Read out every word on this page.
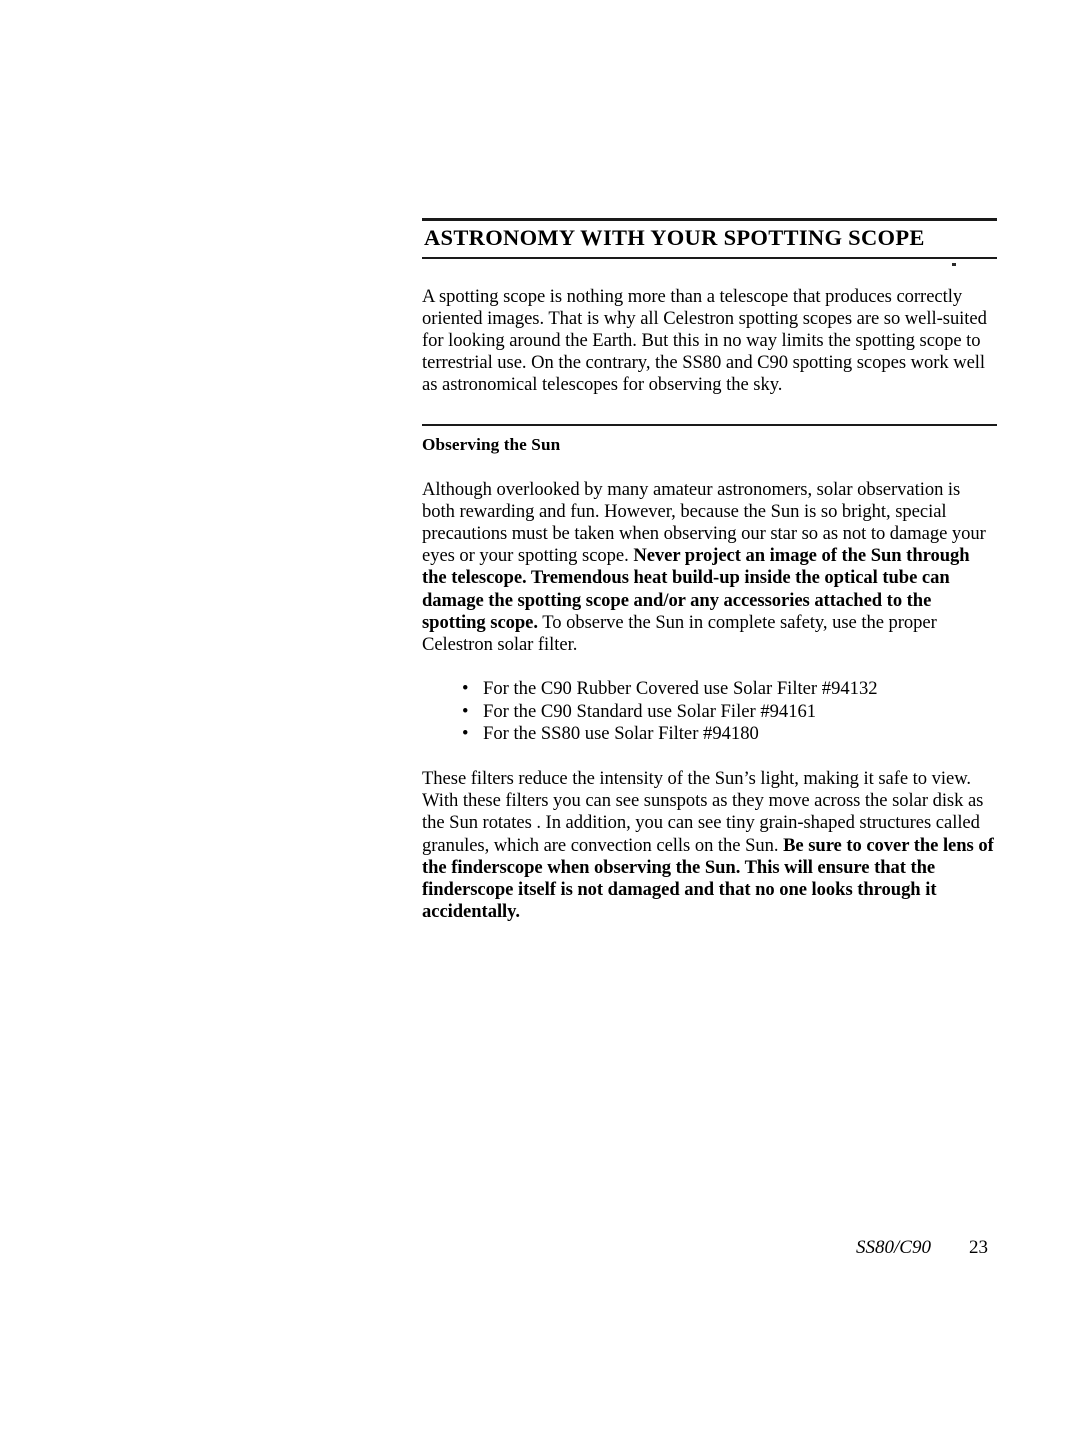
ASTRONOMY WITH YOUR SPOTTING SCOPE

A spotting scope is nothing more than a telescope that produces correctly oriented images. That is why all Celestron spotting scopes are so well-suited for looking around the Earth. But this in no way limits the spotting scope to terrestrial use. On the contrary, the SS80 and C90 spotting scopes work well as astronomical telescopes for observing the sky.

Observing the Sun

Although overlooked by many amateur astronomers, solar observation is both rewarding and fun. However, because the Sun is so bright, special precautions must be taken when observing our star so as not to damage your eyes or your spotting scope. Never project an image of the Sun through the telescope. Tremendous heat build-up inside the optical tube can damage the spotting scope and/or any accessories attached to the spotting scope. To observe the Sun in complete safety, use the proper Celestron solar filter.

• For the C90 Rubber Covered use Solar Filter #94132
• For the C90 Standard use Solar Filer #94161
• For the SS80 use Solar Filter #94180

These filters reduce the intensity of the Sun’s light, making it safe to view. With these filters you can see sunspots as they move across the solar disk as the Sun rotates . In addition, you can see tiny grain-shaped structures called granules, which are convection cells on the Sun. Be sure to cover the lens of the finderscope when observing the Sun. This will ensure that the finderscope itself is not damaged and that no one looks through it accidentally.

SS80/C90 23
